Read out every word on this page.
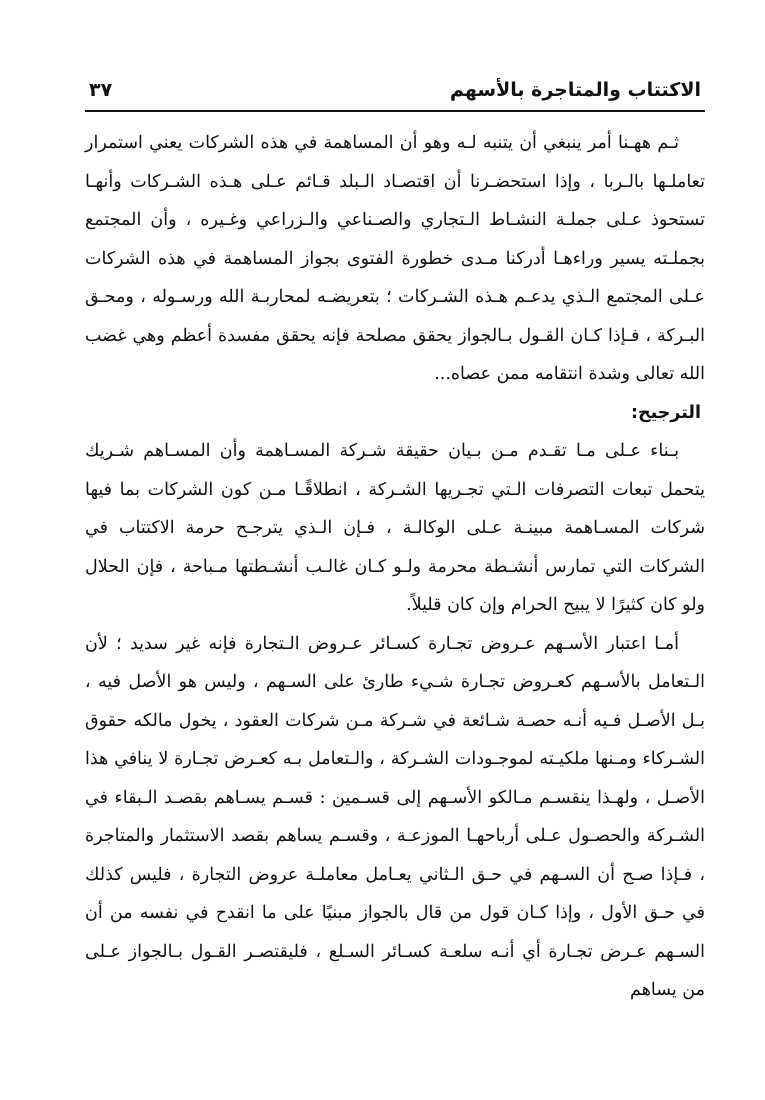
الاكتتاب والمتاجرة بالأسهم
٣٧

ثـم ههـنا أمر ينبغي أن يتنبه لـه وهو أن المساهمة في هذه الشركات يعني استمرار تعاملـها بالـربا ، وإذا استحضـرنا أن اقتصـاد الـبلد قـائم عـلى هـذه الشـركات وأنهـا تستحوذ عـلى جملـة النشـاط الـتجاري والصـناعي والـزراعي وغـيره ، وأن المجتمع بجملـته يسير وراءهـا أدركنا مـدى خطورة الفتوى بجواز المساهمة في هذه الشركات عـلى المجتمع الـذي يدعـم هـذه الشـركات ؛ بتعريضـه لمحاربـة الله ورسـوله ، ومحـق البـركة ، فـإذا كـان القـول بـالجواز يحقق مصلحة فإنه يحقق مفسدة أعظم وهي غضب الله تعالى وشدة انتقامه ممن عصاه...

الترجيح:

بـناء عـلى مـا تقـدم مـن بـيان حقيقة شـركة المسـاهمة وأن المسـاهم شـريك يتحمل تبعات التصرفات الـتي تجـريها الشـركة ، انطلاقًـا مـن كون الشركات بما فيها شركات المسـاهمة مبينـة عـلى الوكالـة ، فـإن الـذي يترجـح حرمة الاكتتاب في الشركات التي تمارس أنشـطة محرمة ولـو كـان غالـب أنشـطتها مـباحة ، فإن الحلال ولو كان كثيرًا لا يبيح الحرام وإن كان قليلاً.

أمـا اعتبار الأسـهم عـروض تجـارة كسـائر عـروض الـتجارة فإنه غير سديد ؛ لأن الـتعامل بالأسـهم كعـروض تجـارة شـيء طارئ على السـهم ، وليس هو الأصل فيه ، بـل الأصـل فـيه أنـه حصـة شـائعة في شـركة مـن شركات العقود ، يخول مالكه حقوق الشـركاء ومـنها ملكيـته لموجـودات الشـركة ، والـتعامل بـه كعـرض تجـارة لا ينافي هذا الأصـل ، ولهـذا ينقسـم مـالكو الأسـهم إلى قسـمين : قسـم يسـاهم بقصـد الـبقاء في الشـركة والحصـول عـلى أرباحهـا الموزعـة ، وقسـم يساهم بقصد الاستثمار والمتاجرة ، فـإذا صـح أن السـهم في حـق الـثاني يعـامل معاملـة عروض التجارة ، فليس كذلك في حـق الأول ، وإذا كـان قول من قال بالجواز مبنيًا على ما انقدح في نفسه من أن السـهم عـرض تجـارة أي أنـه سلعـة كسـائر السـلع ، فليقتصـر القـول بـالجواز عـلى من يساهم
